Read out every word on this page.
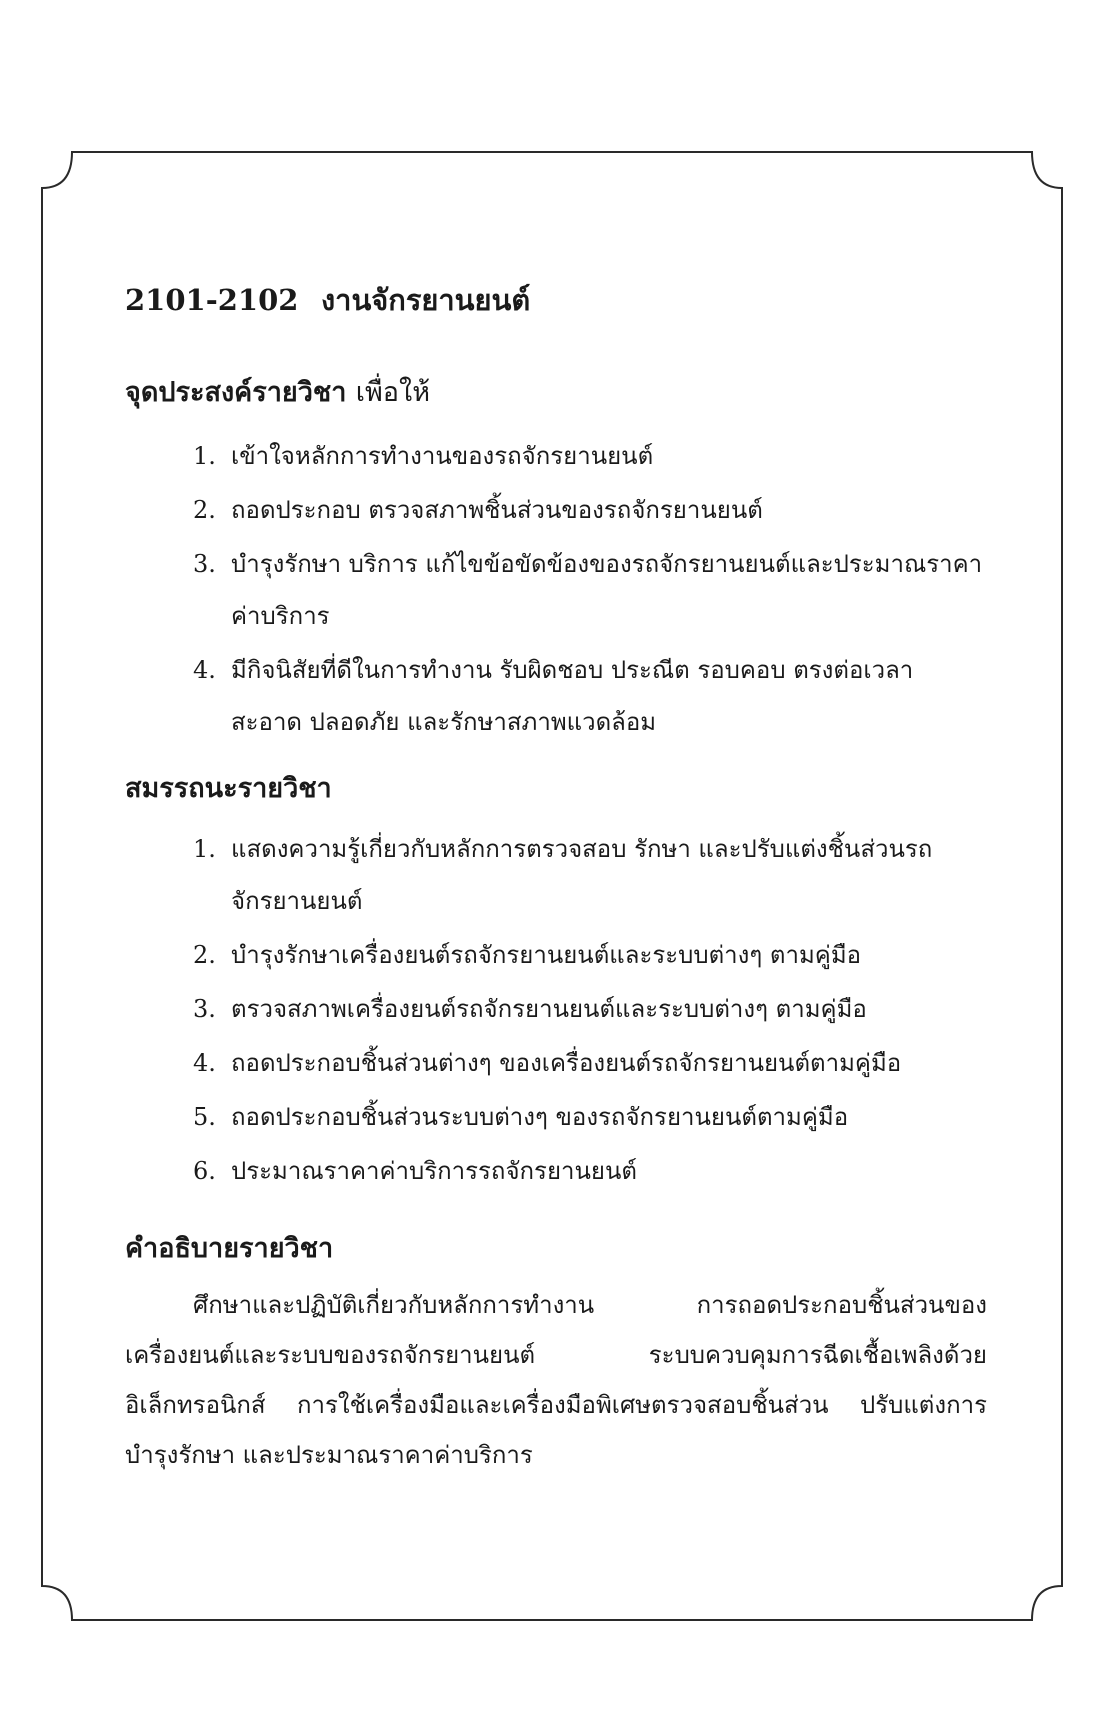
2101-2102 งานจักรยานยนต์
จุดประสงค์รายวิชา เพื่อให้
1. เข้าใจหลักการทำงานของรถจักรยานยนต์
2. ถอดประกอบ ตรวจสภาพชิ้นส่วนของรถจักรยานยนต์
3. บำรุงรักษา บริการ แก้ไขข้อขัดข้องของรถจักรยานยนต์และประมาณราคาค่าบริการ
4. มีกิจนิสัยที่ดีในการทำงาน รับผิดชอบ ประณีต รอบคอบ ตรงต่อเวลา สะอาด ปลอดภัย และรักษาสภาพแวดล้อม
สมรรถนะรายวิชา
1. แสดงความรู้เกี่ยวกับหลักการตรวจสอบ รักษา และปรับแต่งชิ้นส่วนรถจักรยานยนต์
2. บำรุงรักษาเครื่องยนต์รถจักรยานยนต์และระบบต่างๆ ตามคู่มือ
3. ตรวจสภาพเครื่องยนต์รถจักรยานยนต์และระบบต่างๆ ตามคู่มือ
4. ถอดประกอบชิ้นส่วนต่างๆ ของเครื่องยนต์รถจักรยานยนต์ตามคู่มือ
5. ถอดประกอบชิ้นส่วนระบบต่างๆ ของรถจักรยานยนต์ตามคู่มือ
6. ประมาณราคาค่าบริการรถจักรยานยนต์
คำอธิบายรายวิชา

ศึกษาและปฏิบัติเกี่ยวกับหลักการทำงาน การถอดประกอบชิ้นส่วนของเครื่องยนต์และระบบของรถจักรยานยนต์ ระบบควบคุมการฉีดเชื้อเพลิงด้วยอิเล็กทรอนิกส์ การใช้เครื่องมือและเครื่องมือพิเศษตรวจสอบชิ้นส่วน ปรับแต่งการบำรุงรักษา และประมาณราคาค่าบริการ
